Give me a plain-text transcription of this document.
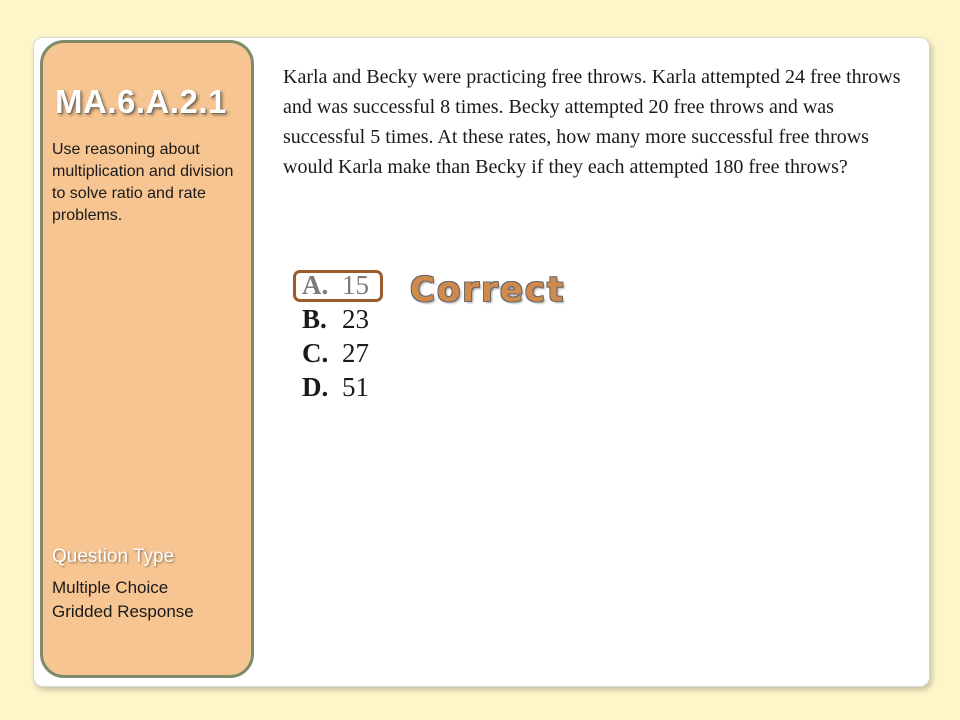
MA.6.A.2.1
Use reasoning about multiplication and division to solve ratio and rate problems.
Question Type
Multiple Choice
Gridded Response
Karla and Becky were practicing free throws. Karla attempted 24 free throws and was successful 8 times. Becky attempted 20 free throws and was successful 5 times. At these rates, how many more successful free throws would Karla make than Becky if they each attempted 180 free throws?
A. 15
B. 23
C. 27
D. 51
Correct
